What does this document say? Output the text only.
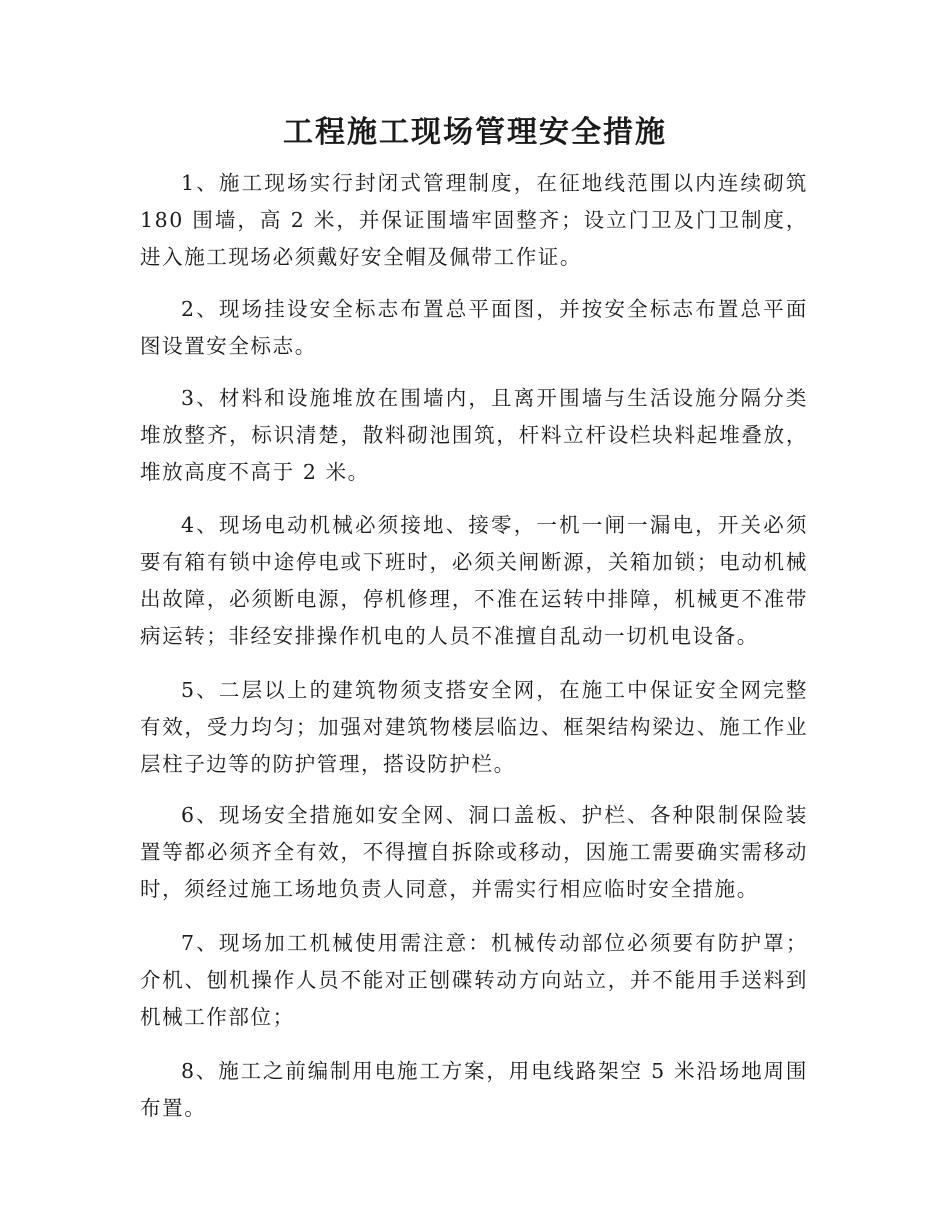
工程施工现场管理安全措施

1、施工现场实行封闭式管理制度，在征地线范围以内连续砌筑 180 围墙，高 2 米，并保证围墙牢固整齐；设立门卫及门卫制度，进入施工现场必须戴好安全帽及佩带工作证。

2、现场挂设安全标志布置总平面图，并按安全标志布置总平面图设置安全标志。

3、材料和设施堆放在围墙内，且离开围墙与生活设施分隔分类堆放整齐，标识清楚，散料砌池围筑，杆料立杆设栏块料起堆叠放，堆放高度不高于 2 米。

4、现场电动机械必须接地、接零，一机一闸一漏电，开关必须要有箱有锁中途停电或下班时，必须关闸断源，关箱加锁；电动机械出故障，必须断电源，停机修理，不准在运转中排障，机械更不准带病运转；非经安排操作机电的人员不准擅自乱动一切机电设备。

5、二层以上的建筑物须支搭安全网，在施工中保证安全网完整有效，受力均匀；加强对建筑物楼层临边、框架结构梁边、施工作业层柱子边等的防护管理，搭设防护栏。

6、现场安全措施如安全网、洞口盖板、护栏、各种限制保险装置等都必须齐全有效，不得擅自拆除或移动，因施工需要确实需移动时，须经过施工场地负责人同意，并需实行相应临时安全措施。

7、现场加工机械使用需注意：机械传动部位必须要有防护罩；介机、刨机操作人员不能对正刨碟转动方向站立，并不能用手送料到机械工作部位；

8、施工之前编制用电施工方案，用电线路架空 5 米沿场地周围布置。
